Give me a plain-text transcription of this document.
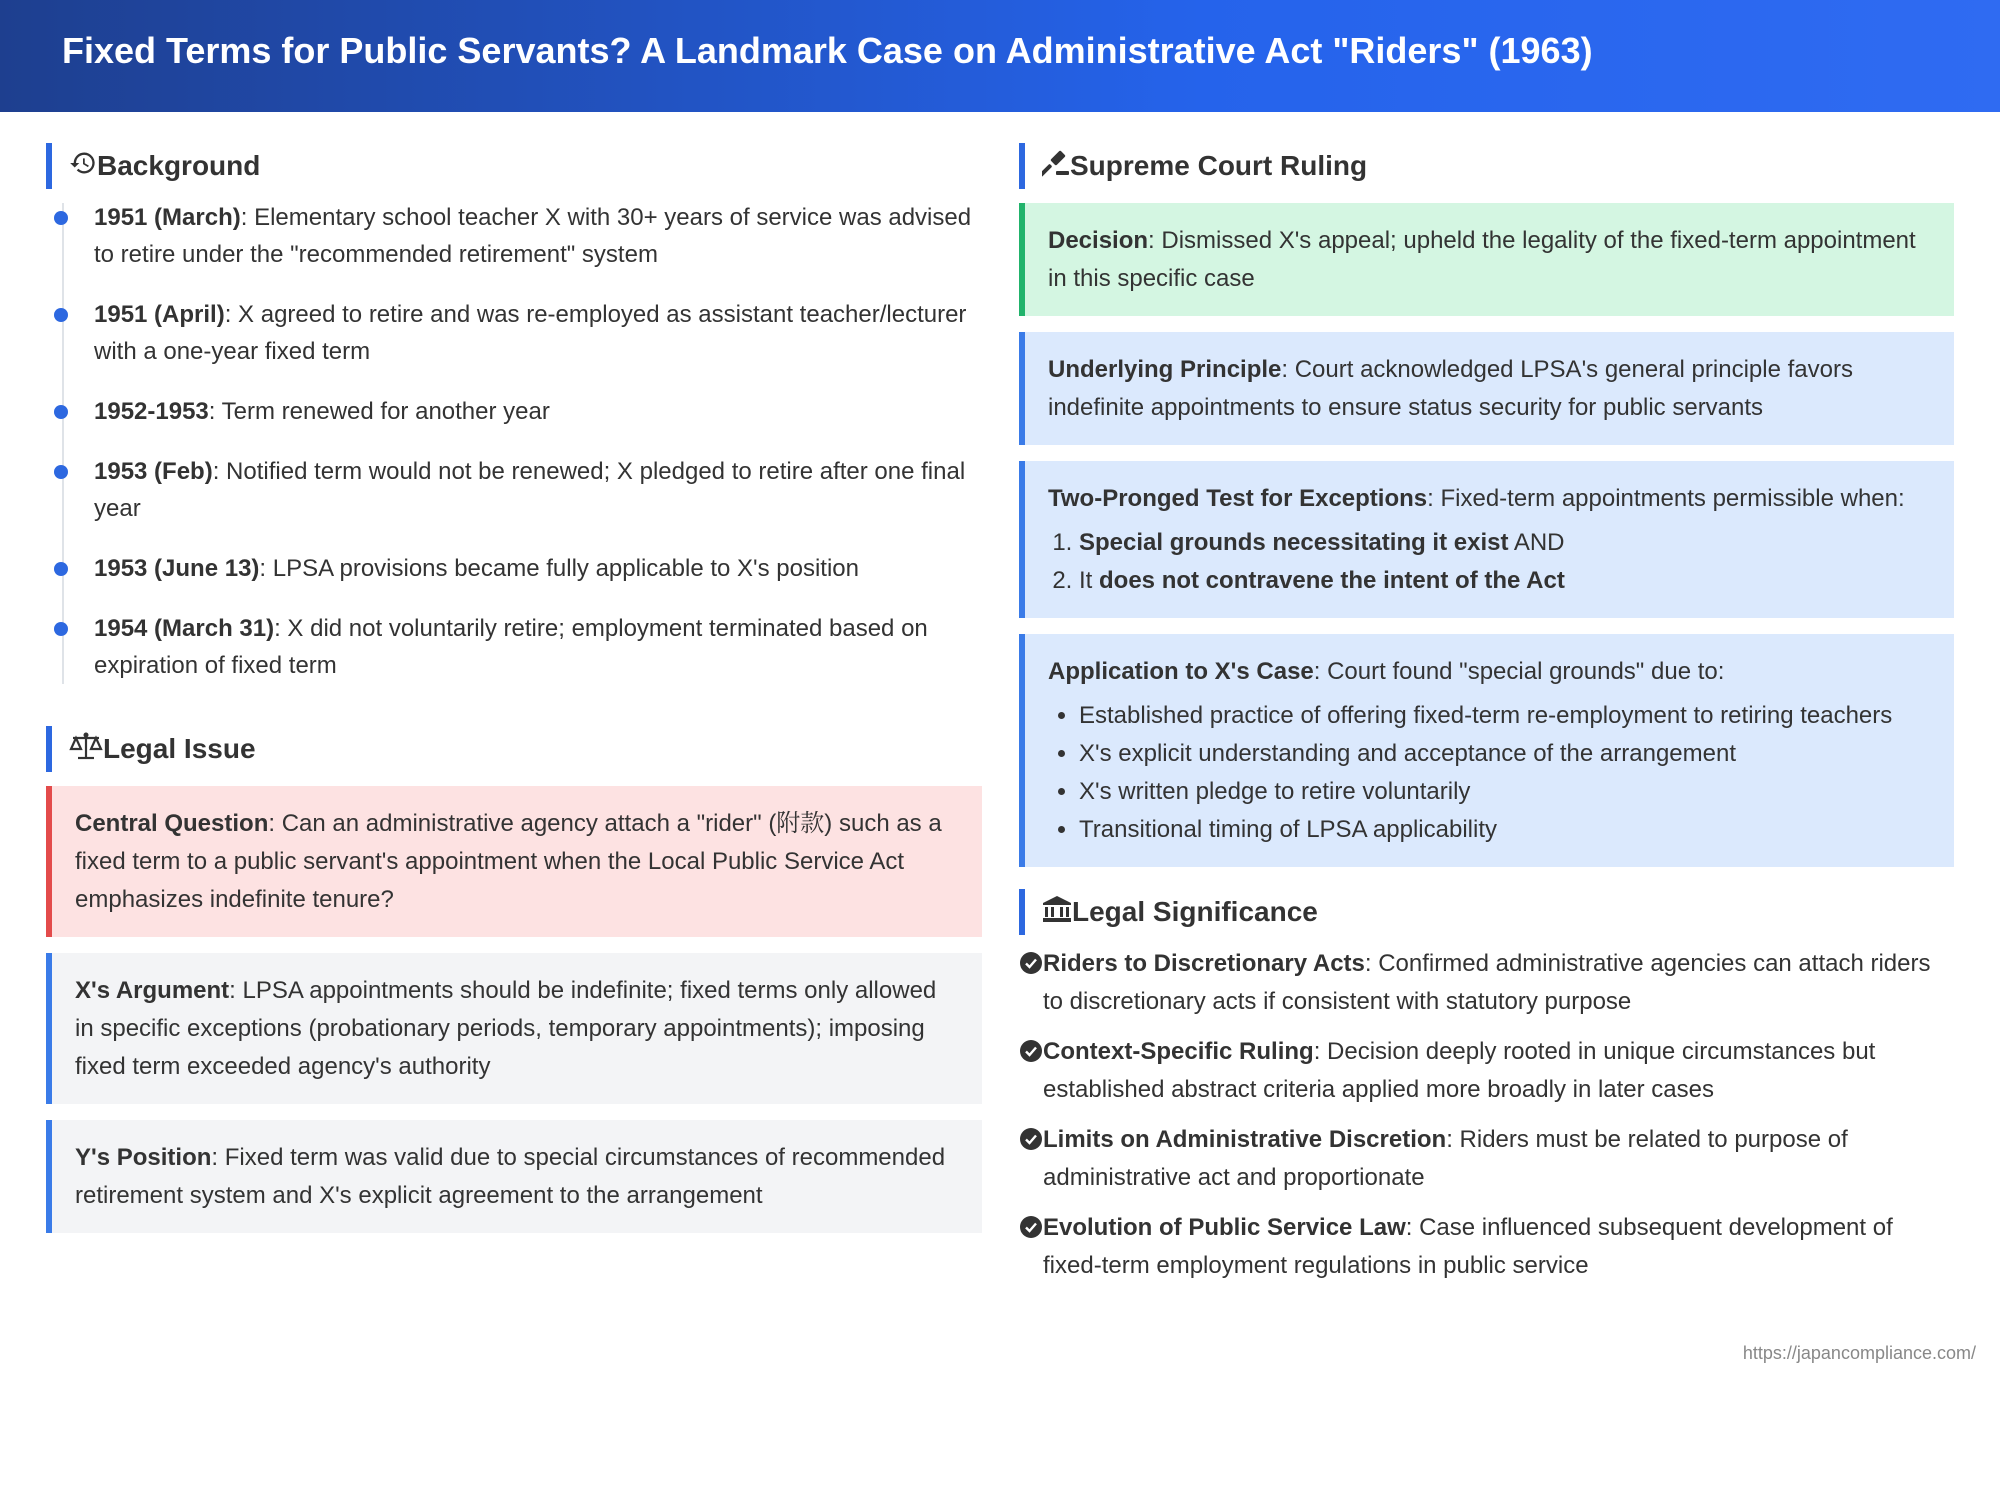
Fixed Terms for Public Servants? A Landmark Case on Administrative Act "Riders" (1963)
Background
1951 (March): Elementary school teacher X with 30+ years of service was advised to retire under the "recommended retirement" system
1951 (April): X agreed to retire and was re-employed as assistant teacher/lecturer with a one-year fixed term
1952-1953: Term renewed for another year
1953 (Feb): Notified term would not be renewed; X pledged to retire after one final year
1953 (June 13): LPSA provisions became fully applicable to X's position
1954 (March 31): X did not voluntarily retire; employment terminated based on expiration of fixed term
Legal Issue
Central Question: Can an administrative agency attach a "rider" (附款) such as a fixed term to a public servant's appointment when the Local Public Service Act emphasizes indefinite tenure?
X's Argument: LPSA appointments should be indefinite; fixed terms only allowed in specific exceptions (probationary periods, temporary appointments); imposing fixed term exceeded agency's authority
Y's Position: Fixed term was valid due to special circumstances of recommended retirement system and X's explicit agreement to the arrangement
Supreme Court Ruling
Decision: Dismissed X's appeal; upheld the legality of the fixed-term appointment in this specific case
Underlying Principle: Court acknowledged LPSA's general principle favors indefinite appointments to ensure status security for public servants
Two-Pronged Test for Exceptions: Fixed-term appointments permissible when:
1. Special grounds necessitating it exist AND
2. It does not contravene the intent of the Act
Application to X's Case: Court found "special grounds" due to:
• Established practice of offering fixed-term re-employment to retiring teachers
• X's explicit understanding and acceptance of the arrangement
• X's written pledge to retire voluntarily
• Transitional timing of LPSA applicability
Legal Significance
Riders to Discretionary Acts: Confirmed administrative agencies can attach riders to discretionary acts if consistent with statutory purpose
Context-Specific Ruling: Decision deeply rooted in unique circumstances but established abstract criteria applied more broadly in later cases
Limits on Administrative Discretion: Riders must be related to purpose of administrative act and proportionate
Evolution of Public Service Law: Case influenced subsequent development of fixed-term employment regulations in public service
https://japancompliance.com/
